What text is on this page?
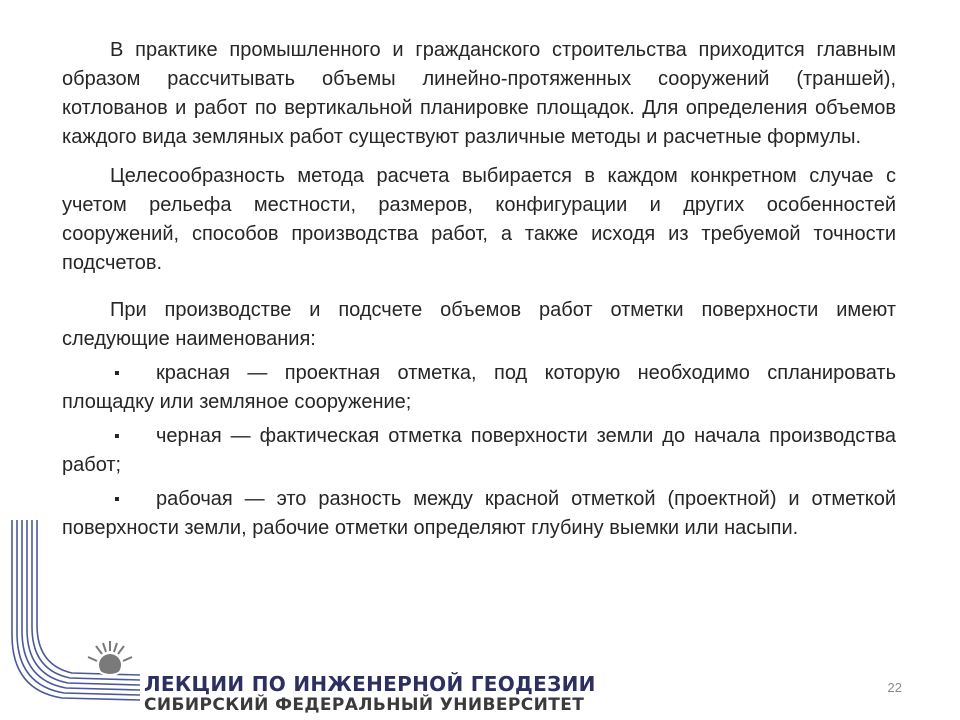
В практике промышленного и гражданского строительства приходится главным образом рассчитывать объемы линейно-протяженных сооружений (траншей), котлованов и работ по вертикальной планировке площадок. Для определения объемов каждого вида земляных работ существуют различные методы и расчетные формулы.

Целесообразность метода расчета выбирается в каждом конкретном случае с учетом рельефа местности, размеров, конфигурации и других особенностей сооружений, способов производства работ, а также исходя из требуемой точности подсчетов.

При производстве и подсчете объемов работ отметки поверхности имеют следующие наименования:

▪ красная — проектная отметка, под которую необходимо спланировать площадку или земляное сооружение;
▪ черная — фактическая отметка поверхности земли до начала производства работ;
▪ рабочая — это разность между красной отметкой (проектной) и отметкой поверхности земли, рабочие отметки определяют глубину выемки или насыпи.
ЛЕКЦИИ ПО ИНЖЕНЕРНОЙ ГЕОДЕЗИИ
СИБИРСКИЙ ФЕДЕРАЛЬНЫЙ УНИВЕРСИТЕТ
22
